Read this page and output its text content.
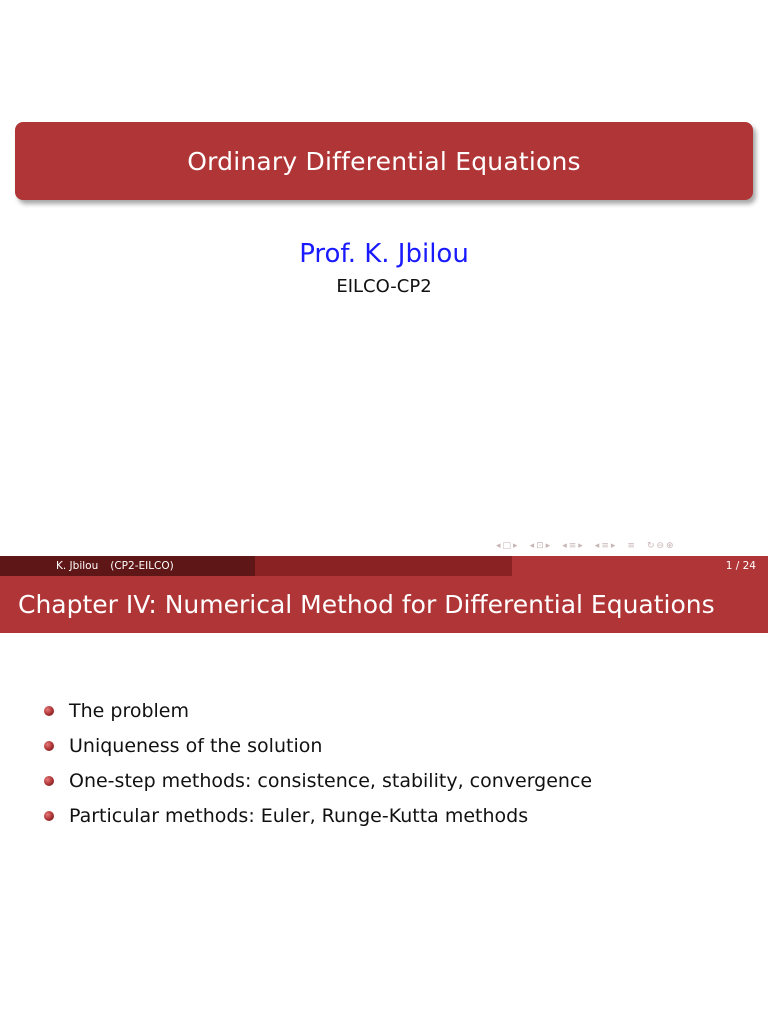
Ordinary Differential Equations
Prof. K. Jbilou
EILCO-CP2
◂ □ ▸ ◂ ⊡ ▸ ◂ ≡ ▸ ◂ ≡ ▸ ≡ ↻ ⊖ ⊕
K. Jbilou (CP2-EILCO)	1 / 24
Chapter IV: Numerical Method for Differential Equations
The problem
Uniqueness of the solution
One-step methods: consistence, stability, convergence
Particular methods: Euler, Runge-Kutta methods
